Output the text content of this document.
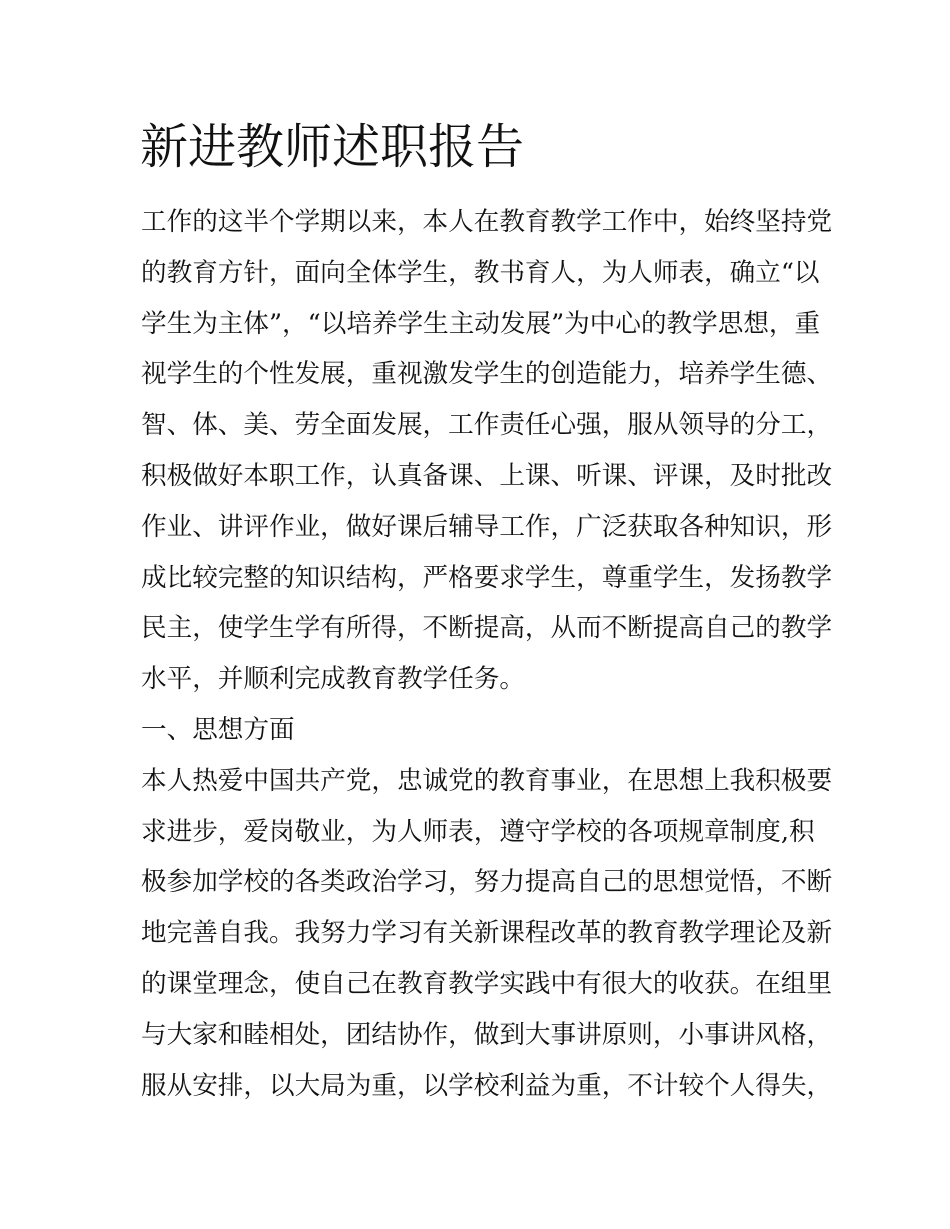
新进教师述职报告
工作的这半个学期以来，本人在教育教学工作中，始终坚持党
的教育方针，面向全体学生，教书育人，为人师表，确立“以
学生为主体”，“以培养学生主动发展”为中心的教学思想，重
视学生的个性发展，重视激发学生的创造能力，培养学生德、
智、体、美、劳全面发展，工作责任心强，服从领导的分工，
积极做好本职工作，认真备课、上课、听课、评课，及时批改
作业、讲评作业，做好课后辅导工作，广泛获取各种知识，形
成比较完整的知识结构，严格要求学生，尊重学生，发扬教学
民主，使学生学有所得，不断提高，从而不断提高自己的教学
水平，并顺利完成教育教学任务。
一、思想方面
本人热爱中国共产党，忠诚党的教育事业，在思想上我积极要
求进步，爱岗敬业，为人师表，遵守学校的各项规章制度,积
极参加学校的各类政治学习，努力提高自己的思想觉悟，不断
地完善自我。我努力学习有关新课程改革的教育教学理论及新
的课堂理念，使自己在教育教学实践中有很大的收获。在组里
与大家和睦相处，团结协作，做到大事讲原则，小事讲风格，
服从安排，以大局为重，以学校利益为重，不计较个人得失，
